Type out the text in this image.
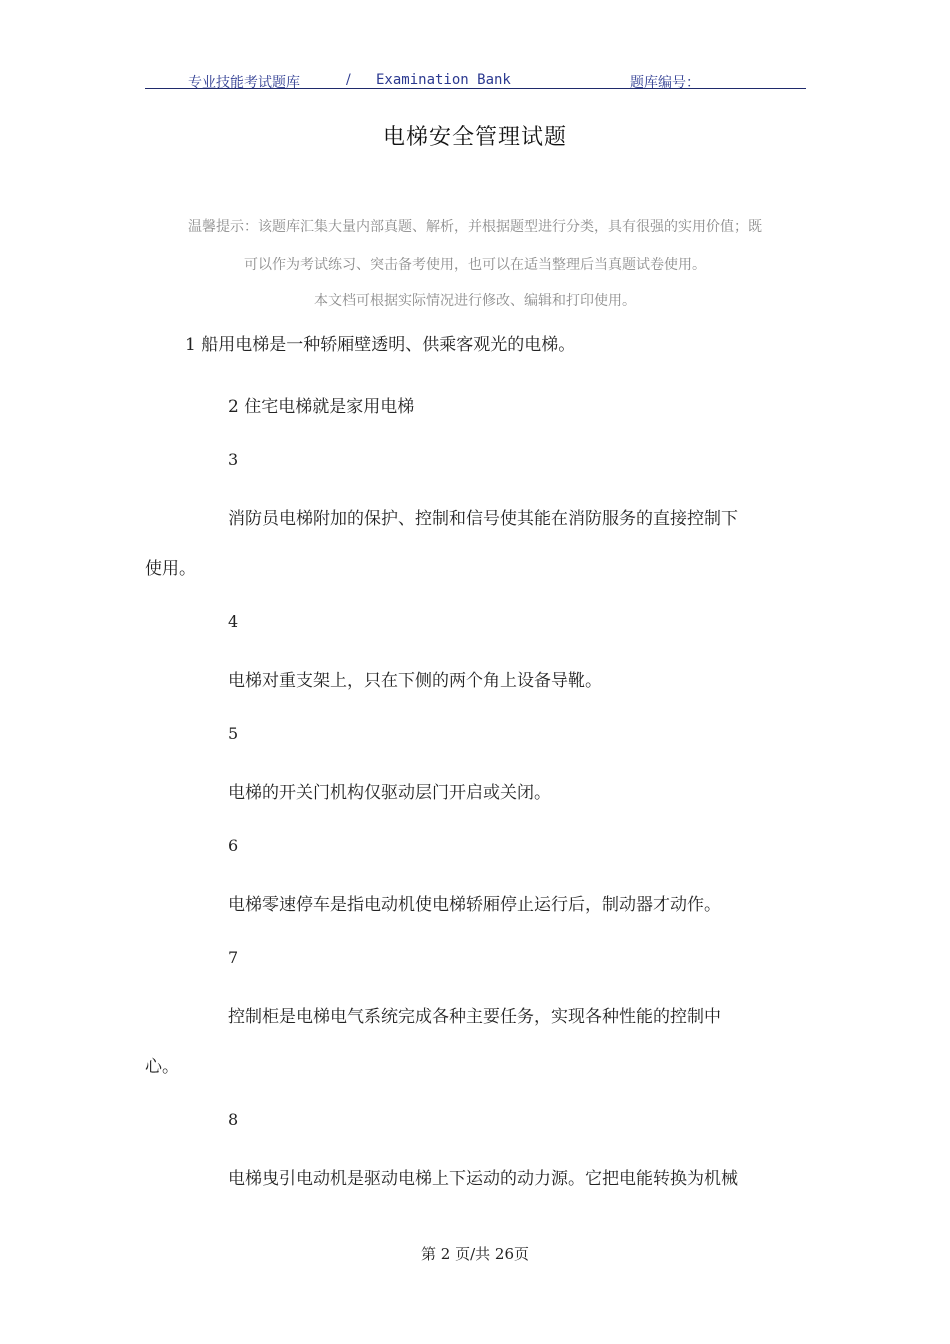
专业技能考试题库	/ Examination Bank	题库编号：
电梯安全管理试题
温馨提示：该题库汇集大量内部真题、解析，并根据题型进行分类，具有很强的实用价值；既
可以作为考试练习、突击备考使用，也可以在适当整理后当真题试卷使用。
本文档可根据实际情况进行修改、编辑和打印使用。
1 船用电梯是一种轿厢壁透明、供乘客观光的电梯。
2 住宅电梯就是家用电梯
3
消防员电梯附加的保护、控制和信号使其能在消防服务的直接控制下
使用。
4
电梯对重支架上，只在下侧的两个角上设备导靴。
5
电梯的开关门机构仅驱动层门开启或关闭。
6
电梯零速停车是指电动机使电梯轿厢停止运行后，制动器才动作。
7
控制柜是电梯电气系统完成各种主要任务，实现各种性能的控制中
心。
8
电梯曳引电动机是驱动电梯上下运动的动力源。它把电能转换为机械
第 2 页/共 26页
